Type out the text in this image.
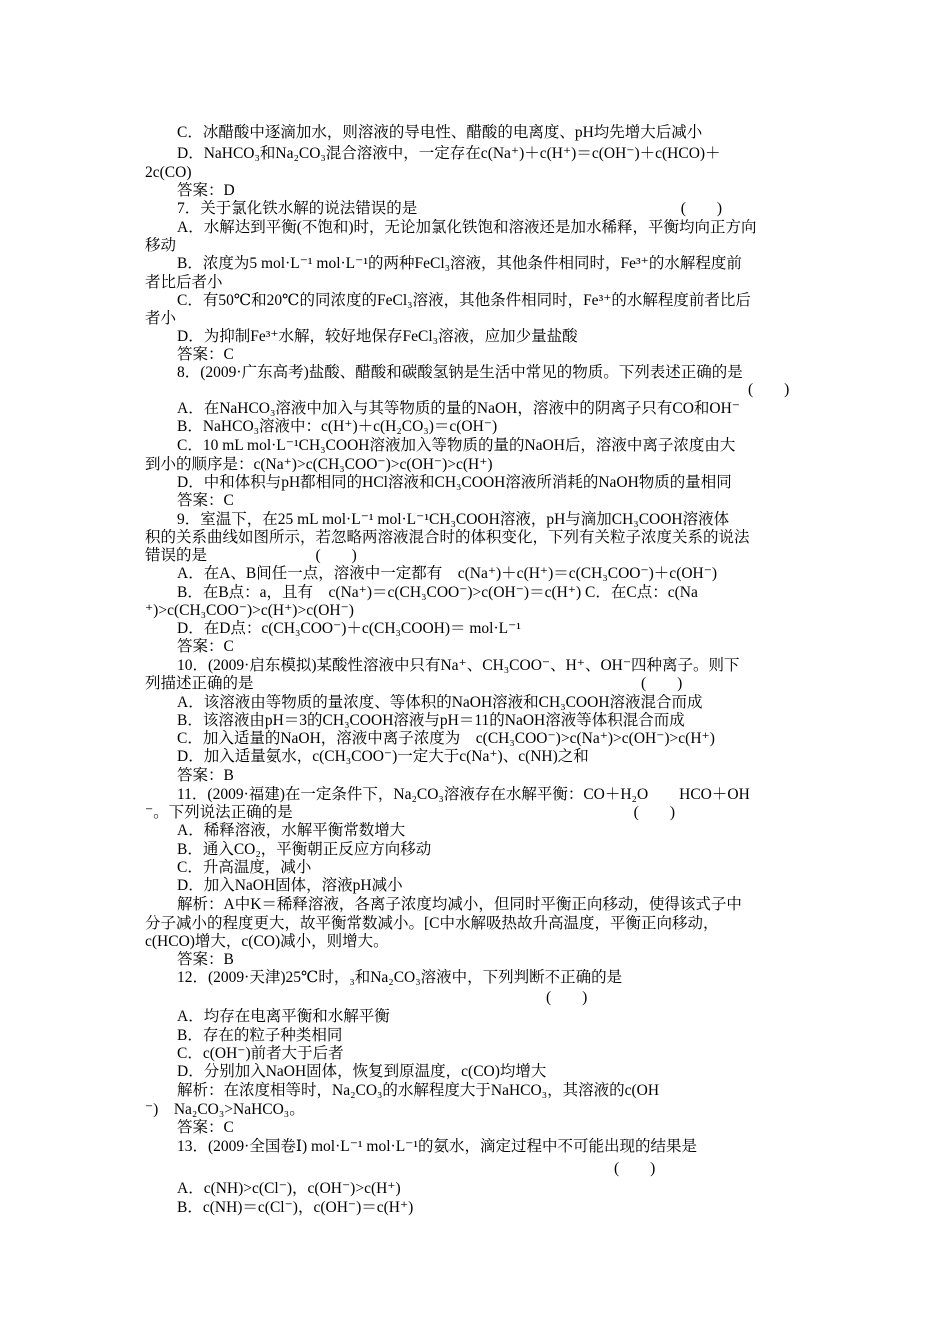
C．冰醋酸中逐滴加水，则溶液的导电性、醋酸的电离度、pH均先增大后减小
D．NaHCO₃和Na₂CO₃混合溶液中，一定存在c(Na⁺)＋c(H⁺)＝c(OH⁻)＋c(HCO)＋
2c(CO)
答案：D
7．关于氯化铁水解的说法错误的是　　　　　　　　　　　　　　　　　(　　)
A．水解达到平衡(不饱和)时，无论加氯化铁饱和溶液还是加水稀释，平衡均向正方向
移动
B．浓度为5 mol·L⁻¹ mol·L⁻¹的两种FeCl₃溶液，其他条件相同时，Fe³⁺的水解程度前
者比后者小
C．有50℃和20℃的同浓度的FeCl₃溶液，其他条件相同时，Fe³⁺的水解程度前者比后
者小
D．为抑制Fe³⁺水解，较好地保存FeCl₃溶液，应加少量盐酸
答案：C
8．(2009·广东高考)盐酸、醋酸和碳酸氢钠是生活中常见的物质。下列表述正确的是
(　　)
A．在NaHCO₃溶液中加入与其等物质的量的NaOH，溶液中的阴离子只有CO和OH⁻
B．NaHCO₃溶液中：c(H⁺)＋c(H₂CO₃)＝c(OH⁻)
C．10 mL mol·L⁻¹CH₃COOH溶液加入等物质的量的NaOH后，溶液中离子浓度由大
到小的顺序是：c(Na⁺)>c(CH₃COO⁻)>c(OH⁻)>c(H⁺)
D．中和体积与pH都相同的HCl溶液和CH₃COOH溶液所消耗的NaOH物质的量相同
答案：C
9．室温下，在25 mL mol·L⁻¹ mol·L⁻¹CH₃COOH溶液，pH与滴加CH₃COOH溶液体
积的关系曲线如图所示，若忽略两溶液混合时的体积变化，下列有关粒子浓度关系的说法
错误的是　　　　　　　(　　)
A．在A、B间任一点，溶液中一定都有　c(Na⁺)＋c(H⁺)＝c(CH₃COO⁻)＋c(OH⁻)
B．在B点：a，且有　c(Na⁺)＝c(CH₃COO⁻)>c(OH⁻)＝c(H⁺) C．在C点：c(Na
⁺)>c(CH₃COO⁻)>c(H⁺)>c(OH⁻)
D．在D点：c(CH₃COO⁻)＋c(CH₃COOH)＝ mol·L⁻¹
答案：C
10．(2009·启东模拟)某酸性溶液中只有Na⁺、CH₃COO⁻、H⁺、OH⁻四种离子。则下
列描述正确的是　　　　　　　　　　　　　　　　　　　　　　　　　(　　)
A．该溶液由等物质的量浓度、等体积的NaOH溶液和CH₃COOH溶液混合而成
B．该溶液由pH＝3的CH₃COOH溶液与pH＝11的NaOH溶液等体积混合而成
C．加入适量的NaOH，溶液中离子浓度为　c(CH₃COO⁻)>c(Na⁺)>c(OH⁻)>c(H⁺)
D．加入适量氨水，c(CH₃COO⁻)一定大于c(Na⁺)、c(NH)之和
答案：B
11．(2009·福建)在一定条件下，Na₂CO₃溶液存在水解平衡：CO＋H₂O　　HCO＋OH
⁻。下列说法正确的是　　　　　　　　　　　　　　　　　　　　　　(　　)
A．稀释溶液，水解平衡常数增大
B．通入CO₂，平衡朝正反应方向移动
C．升高温度，减小
D．加入NaOH固体，溶液pH减小
解析：A中K＝稀释溶液，各离子浓度均减小，但同时平衡正向移动，使得该式子中
分子减小的程度更大，故平衡常数减小。[C中水解吸热故升高温度，平衡正向移动，
c(HCO)增大，c(CO)减小，则增大。
答案：B
12．(2009·天津)25℃时，₃和Na₂CO₃溶液中，下列判断不正确的是
(　　)
A．均存在电离平衡和水解平衡
B．存在的粒子种类相同
C．c(OH⁻)前者大于后者
D．分别加入NaOH固体，恢复到原温度，c(CO)均增大
解析：在浓度相等时，Na₂CO₃的水解程度大于NaHCO₃，其溶液的c(OH
⁻)　Na₂CO₃>NaHCO₃。
答案：C
13．(2009·全国卷Ⅰ) mol·L⁻¹ mol·L⁻¹的氨水，滴定过程中不可能出现的结果是
(　　)
A．c(NH)>c(Cl⁻)，c(OH⁻)>c(H⁺)
B．c(NH)＝c(Cl⁻)，c(OH⁻)＝c(H⁺)
